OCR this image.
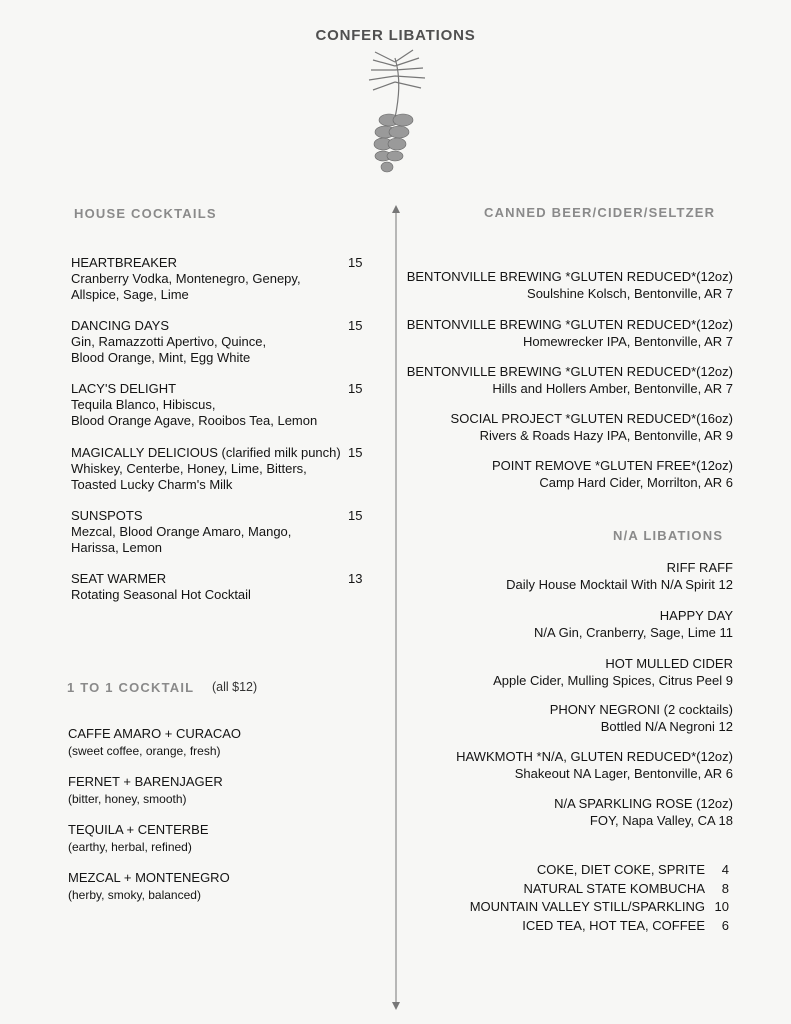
CONFER LIBATIONS
HOUSE COCKTAILS
HEARTBREAKER
Cranberry Vodka, Montenegro, Genepy,
Allspice, Sage, Lime
15
DANCING DAYS
Gin, Ramazzotti Apertivo, Quince,
Blood Orange, Mint, Egg White
15
LACY'S DELIGHT
Tequila Blanco, Hibiscus,
Blood Orange Agave, Rooibos Tea, Lemon
15
MAGICALLY DELICIOUS (clarified milk punch)
Whiskey, Centerbe, Honey, Lime, Bitters,
Toasted Lucky Charm's Milk
15
SUNSPOTS
Mezcal, Blood Orange Amaro, Mango,
Harissa, Lemon
15
SEAT WARMER
Rotating Seasonal Hot Cocktail
13
1 TO 1 COCKTAIL (all $12)
CAFFE AMARO + CURACAO
(sweet coffee, orange, fresh)
FERNET + BARENJAGER
(bitter, honey, smooth)
TEQUILA + CENTERBE
(earthy, herbal, refined)
MEZCAL + MONTENEGRO
(herby, smoky, balanced)
CANNED BEER/CIDER/SELTZER
BENTONVILLE BREWING *GLUTEN REDUCED*(12oz)
Soulshine Kolsch, Bentonville, AR 7
BENTONVILLE BREWING *GLUTEN REDUCED*(12oz)
Homewrecker IPA, Bentonville, AR 7
BENTONVILLE BREWING *GLUTEN REDUCED*(12oz)
Hills and Hollers Amber, Bentonville, AR 7
SOCIAL PROJECT *GLUTEN REDUCED*(16oz)
Rivers & Roads Hazy IPA, Bentonville, AR 9
POINT REMOVE *GLUTEN FREE*(12oz)
Camp Hard Cider, Morrilton, AR 6
N/A LIBATIONS
RIFF RAFF
Daily House Mocktail With N/A Spirit 12
HAPPY DAY
N/A Gin, Cranberry, Sage, Lime 11
HOT MULLED CIDER
Apple Cider, Mulling Spices, Citrus Peel 9
PHONY NEGRONI (2 cocktails)
Bottled N/A Negroni 12
HAWKMOTH *N/A, GLUTEN REDUCED*(12oz)
Shakeout NA Lager, Bentonville, AR 6
N/A SPARKLING ROSE (12oz)
FOY, Napa Valley, CA 18
COKE, DIET COKE, SPRITE 4
NATURAL STATE KOMBUCHA 8
MOUNTAIN VALLEY STILL/SPARKLING 10
ICED TEA, HOT TEA, COFFEE 6
